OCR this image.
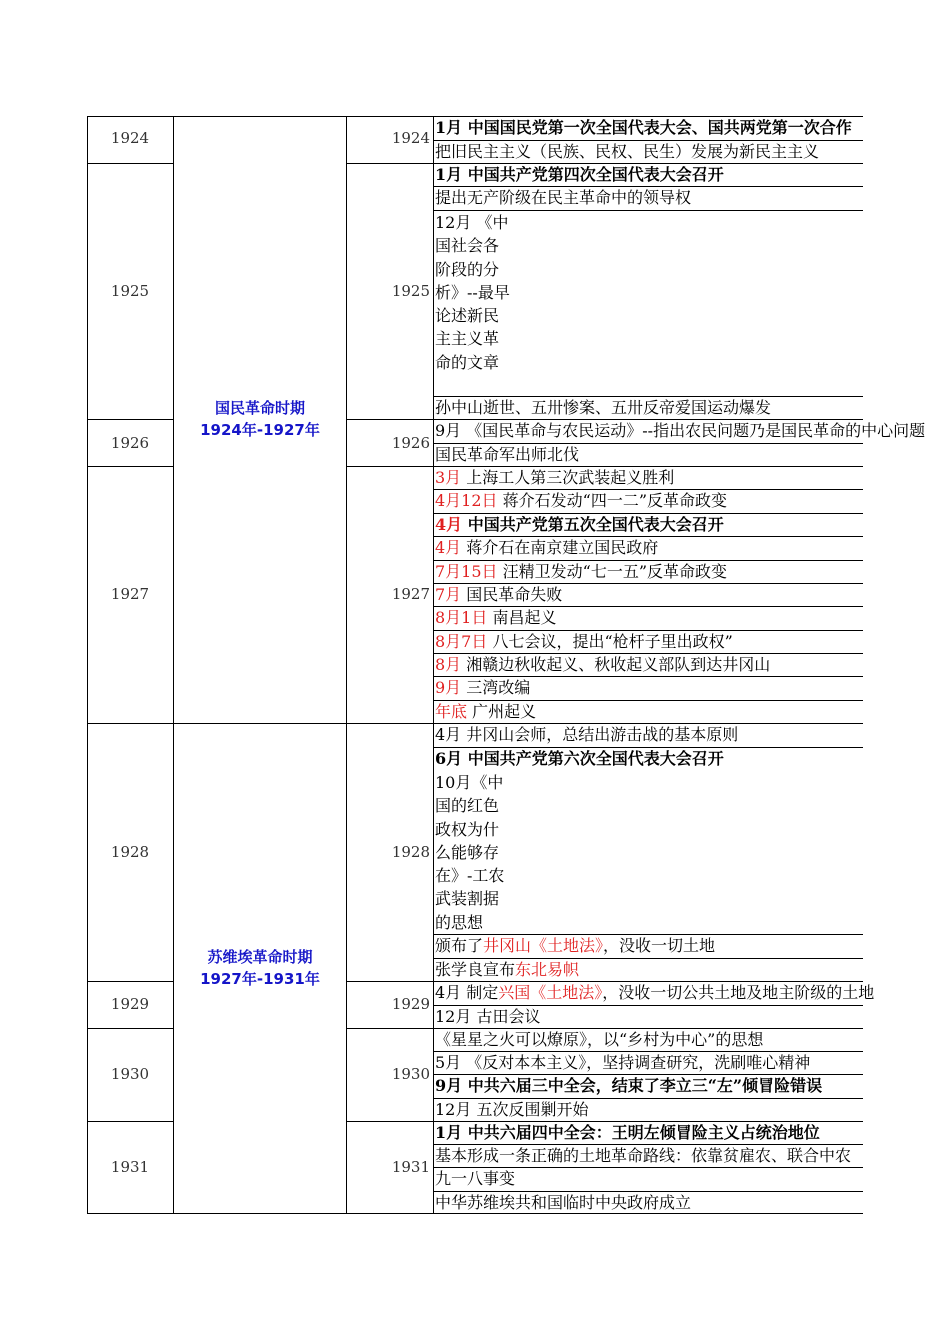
1924
1925
1926
1927
1928
1929
1930
1931
国民革命时期
1924年-1927年
苏维埃革命时期
1927年-1931年
1924
1925
1926
1927
1928
1929
1930
1931
1月 中国国民党第一次全国代表大会、国共两党第一次合作
把旧民主主义（民族、民权、民生）发展为新民主主义
1月 中国共产党第四次全国代表大会召开
提出无产阶级在民主革命中的领导权
12月 《中国社会各阶段的分析》--最早论述新民主主义革命的文章
孙中山逝世、五卅惨案、五卅反帝爱国运动爆发
9月 《国民革命与农民运动》--指出农民问题乃是国民革命的中心问题
国民革命军出师北伐
3月 上海工人第三次武装起义胜利
4月12日 蒋介石发动“四一二”反革命政变
4月 中国共产党第五次全国代表大会召开
4月 蒋介石在南京建立国民政府
7月15日 汪精卫发动“七一五”反革命政变
7月 国民革命失败
8月1日 南昌起义
8月7日 八七会议，提出“枪杆子里出政权”
8月 湘赣边秋收起义、秋收起义部队到达井冈山
9月 三湾改编
年底 广州起义
4月 井冈山会师，总结出游击战的基本原则
6月 中国共产党第六次全国代表大会召开
10月《中国的红色政权为什么能够存在》-工农武装割据的思想
颁布了井冈山《土地法》，没收一切土地
张学良宣布东北易帜
4月 制定兴国《土地法》，没收一切公共土地及地主阶级的土地
12月 古田会议
《星星之火可以燎原》，以“乡村为中心”的思想
5月 《反对本本主义》，坚持调查研究，洗刷唯心精神
9月 中共六届三中全会，结束了李立三“左”倾冒险错误
12月 五次反围剿开始
1月 中共六届四中全会：王明左倾冒险主义占统治地位
基本形成一条正确的土地革命路线：依靠贫雇农、联合中农
九一八事变
中华苏维埃共和国临时中央政府成立
